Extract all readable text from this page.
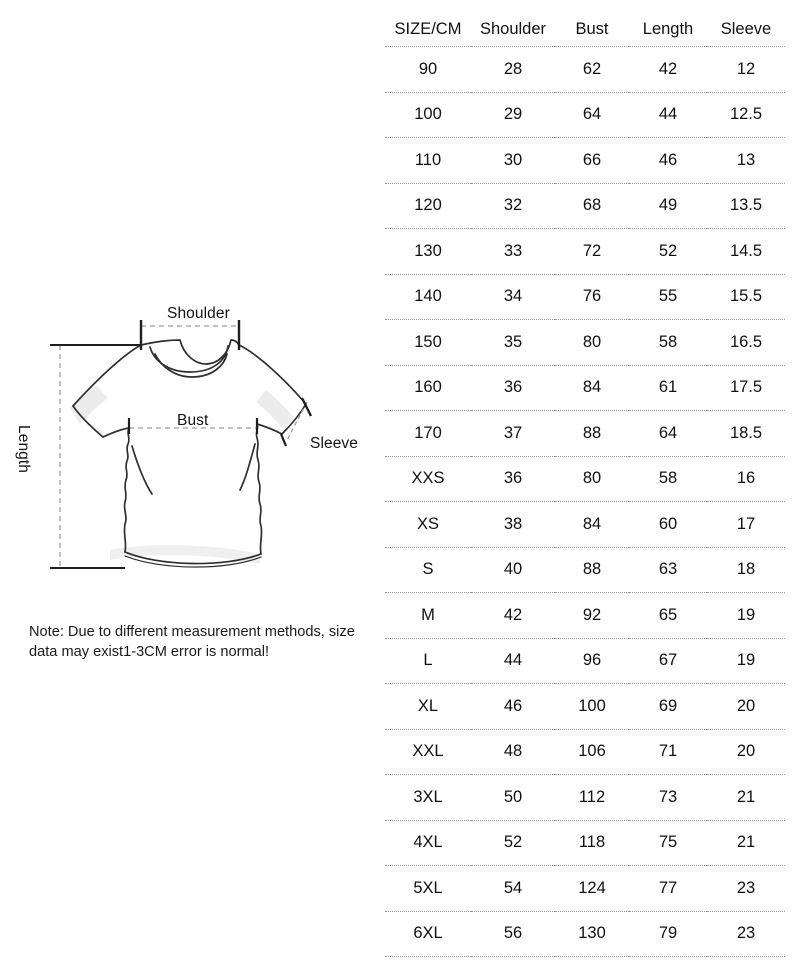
Shoulder
Bust
Sleeve
Length
Note: Due to different measurement methods, size data may exist1-3CM error is normal!
SIZE/CM	Shoulder	Bust	Length	Sleeve
90	28	62	42	12
100	29	64	44	12.5
110	30	66	46	13
120	32	68	49	13.5
130	33	72	52	14.5
140	34	76	55	15.5
150	35	80	58	16.5
160	36	84	61	17.5
170	37	88	64	18.5
XXS	36	80	58	16
XS	38	84	60	17
S	40	88	63	18
M	42	92	65	19
L	44	96	67	19
XL	46	100	69	20
XXL	48	106	71	20
3XL	50	112	73	21
4XL	52	118	75	21
5XL	54	124	77	23
6XL	56	130	79	23
